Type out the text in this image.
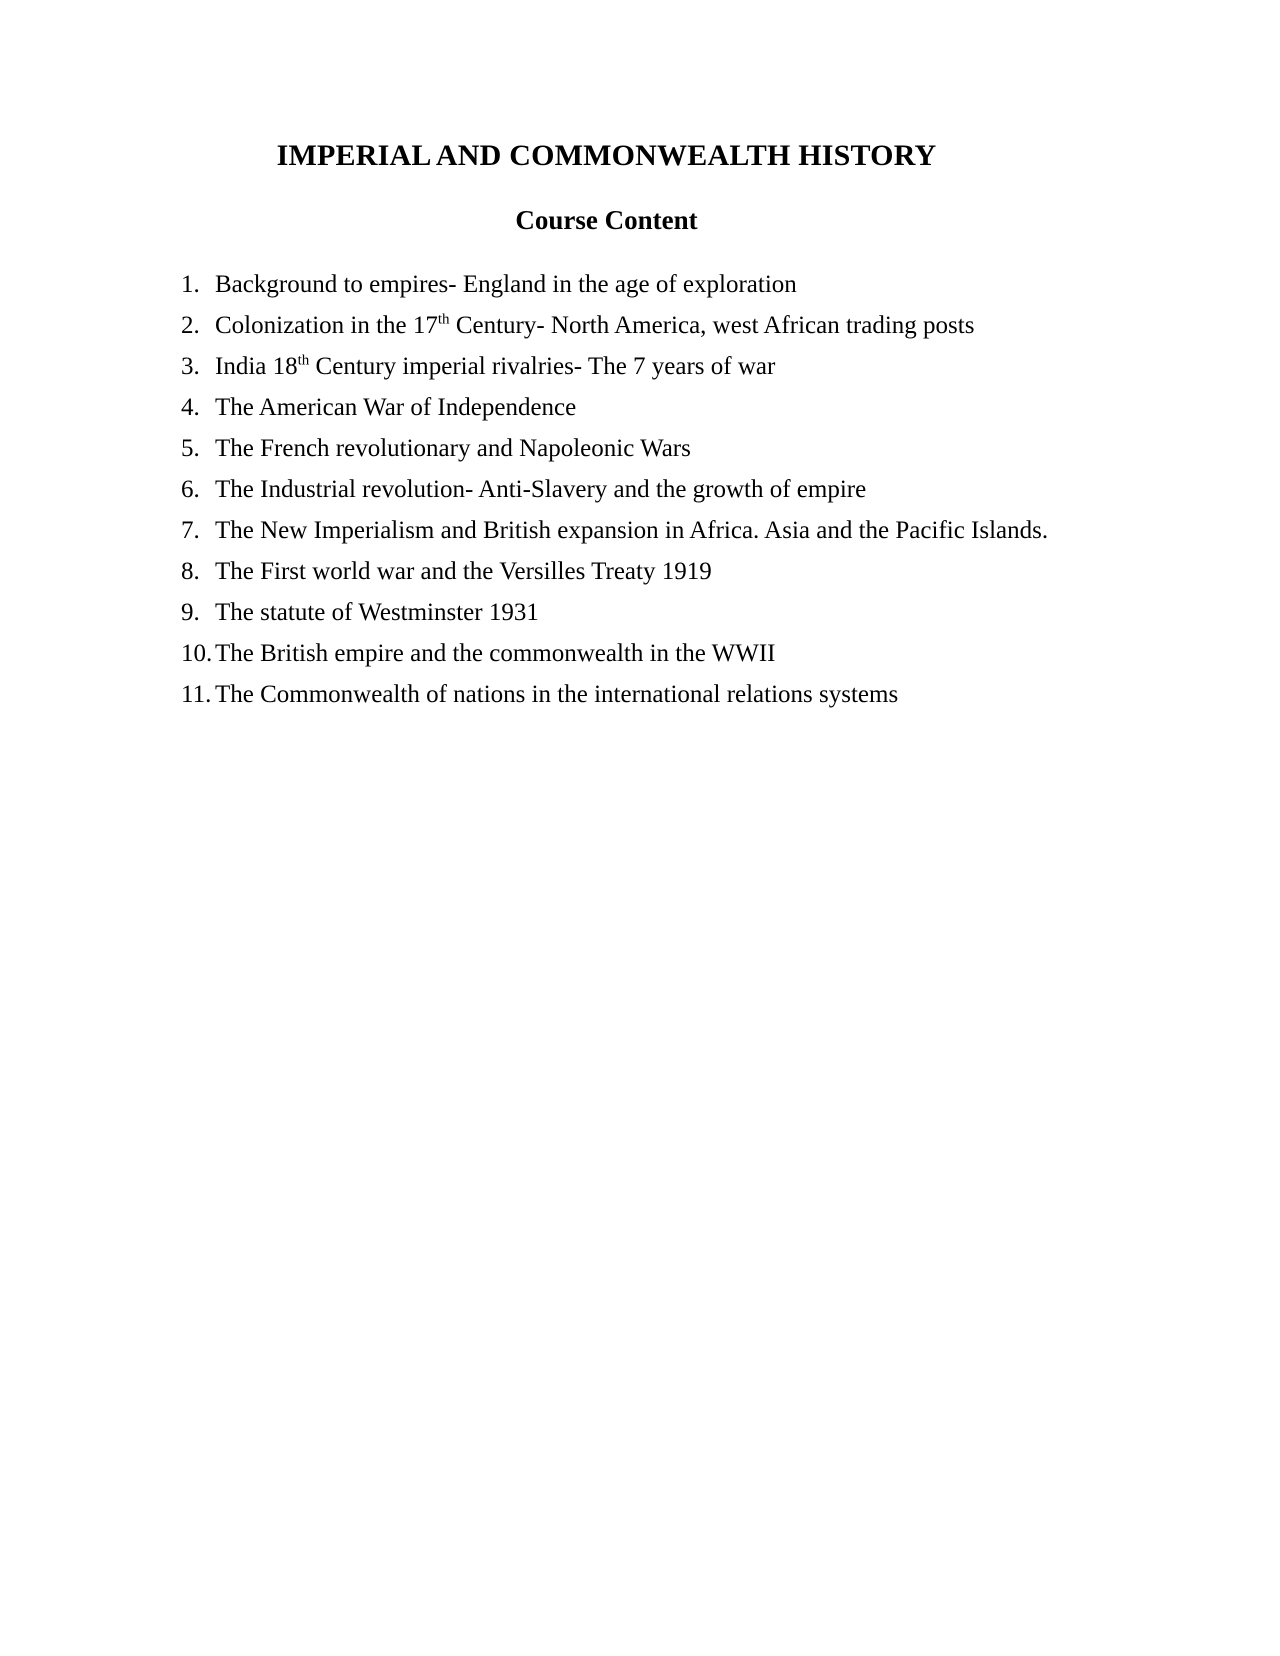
IMPERIAL AND COMMONWEALTH HISTORY
Course Content
1. Background to empires- England in the age of exploration
2. Colonization in the 17th Century- North America, west African trading posts
3. India 18th Century imperial rivalries- The 7 years of war
4. The American War of Independence
5. The French revolutionary and Napoleonic Wars
6. The Industrial revolution- Anti-Slavery and the growth of empire
7. The New Imperialism and British expansion in Africa. Asia and the Pacific Islands.
8. The First world war and the Versilles Treaty 1919
9. The statute of Westminster 1931
10. The British empire and the commonwealth in the WWII
11. The Commonwealth of nations in the international relations systems
